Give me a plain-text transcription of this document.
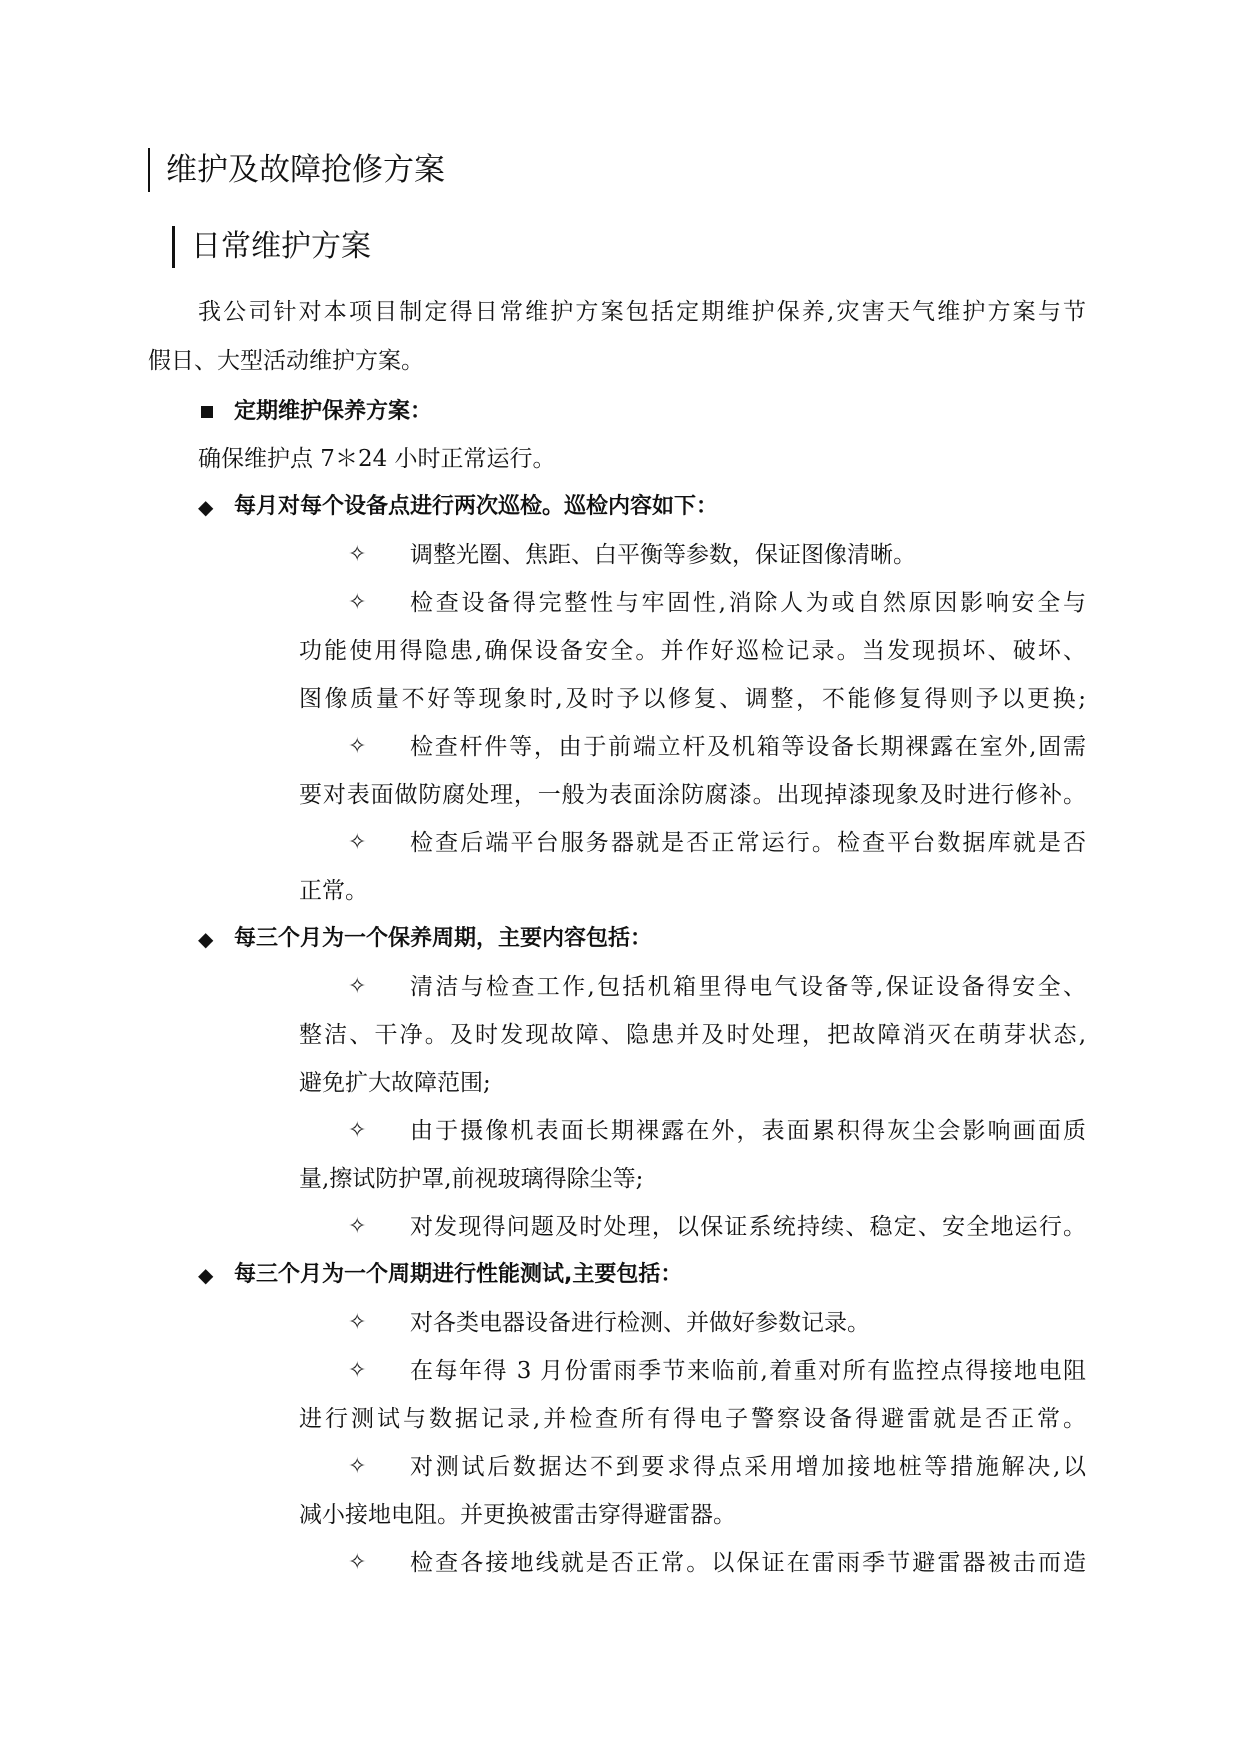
维护及故障抢修方案
日常维护方案
我公司针对本项目制定得日常维护方案包括定期维护保养,灾害天气维护方案与节
假日、大型活动维护方案。
定期维护保养方案：
确保维护点 7＊24 小时正常运行。
◆ 每月对每个设备点进行两次巡检。巡检内容如下：
✧ 调整光圈、焦距、白平衡等参数，保证图像清晰。
✧ 检查设备得完整性与牢固性,消除人为或自然原因影响安全与
功能使用得隐患,确保设备安全。并作好巡检记录。当发现损坏、破坏、
图像质量不好等现象时,及时予以修复、调整，不能修复得则予以更换;
✧ 检查杆件等，由于前端立杆及机箱等设备长期裸露在室外,固需
要对表面做防腐处理，一般为表面涂防腐漆。出现掉漆现象及时进行修补。
✧ 检查后端平台服务器就是否正常运行。检查平台数据库就是否
正常。
◆ 每三个月为一个保养周期，主要内容包括：
✧ 清洁与检查工作,包括机箱里得电气设备等,保证设备得安全、
整洁、干净。及时发现故障、隐患并及时处理，把故障消灭在萌芽状态,
避免扩大故障范围;
✧ 由于摄像机表面长期裸露在外，表面累积得灰尘会影响画面质
量,擦试防护罩,前视玻璃得除尘等;
✧ 对发现得问题及时处理，以保证系统持续、稳定、安全地运行。
◆ 每三个月为一个周期进行性能测试,主要包括：
✧ 对各类电器设备进行检测、并做好参数记录。
✧ 在每年得 3 月份雷雨季节来临前,着重对所有监控点得接地电阻
进行测试与数据记录,并检查所有得电子警察设备得避雷就是否正常。
✧ 对测试后数据达不到要求得点采用增加接地桩等措施解决,以
减小接地电阻。并更换被雷击穿得避雷器。
✧ 检查各接地线就是否正常。以保证在雷雨季节避雷器被击而造
